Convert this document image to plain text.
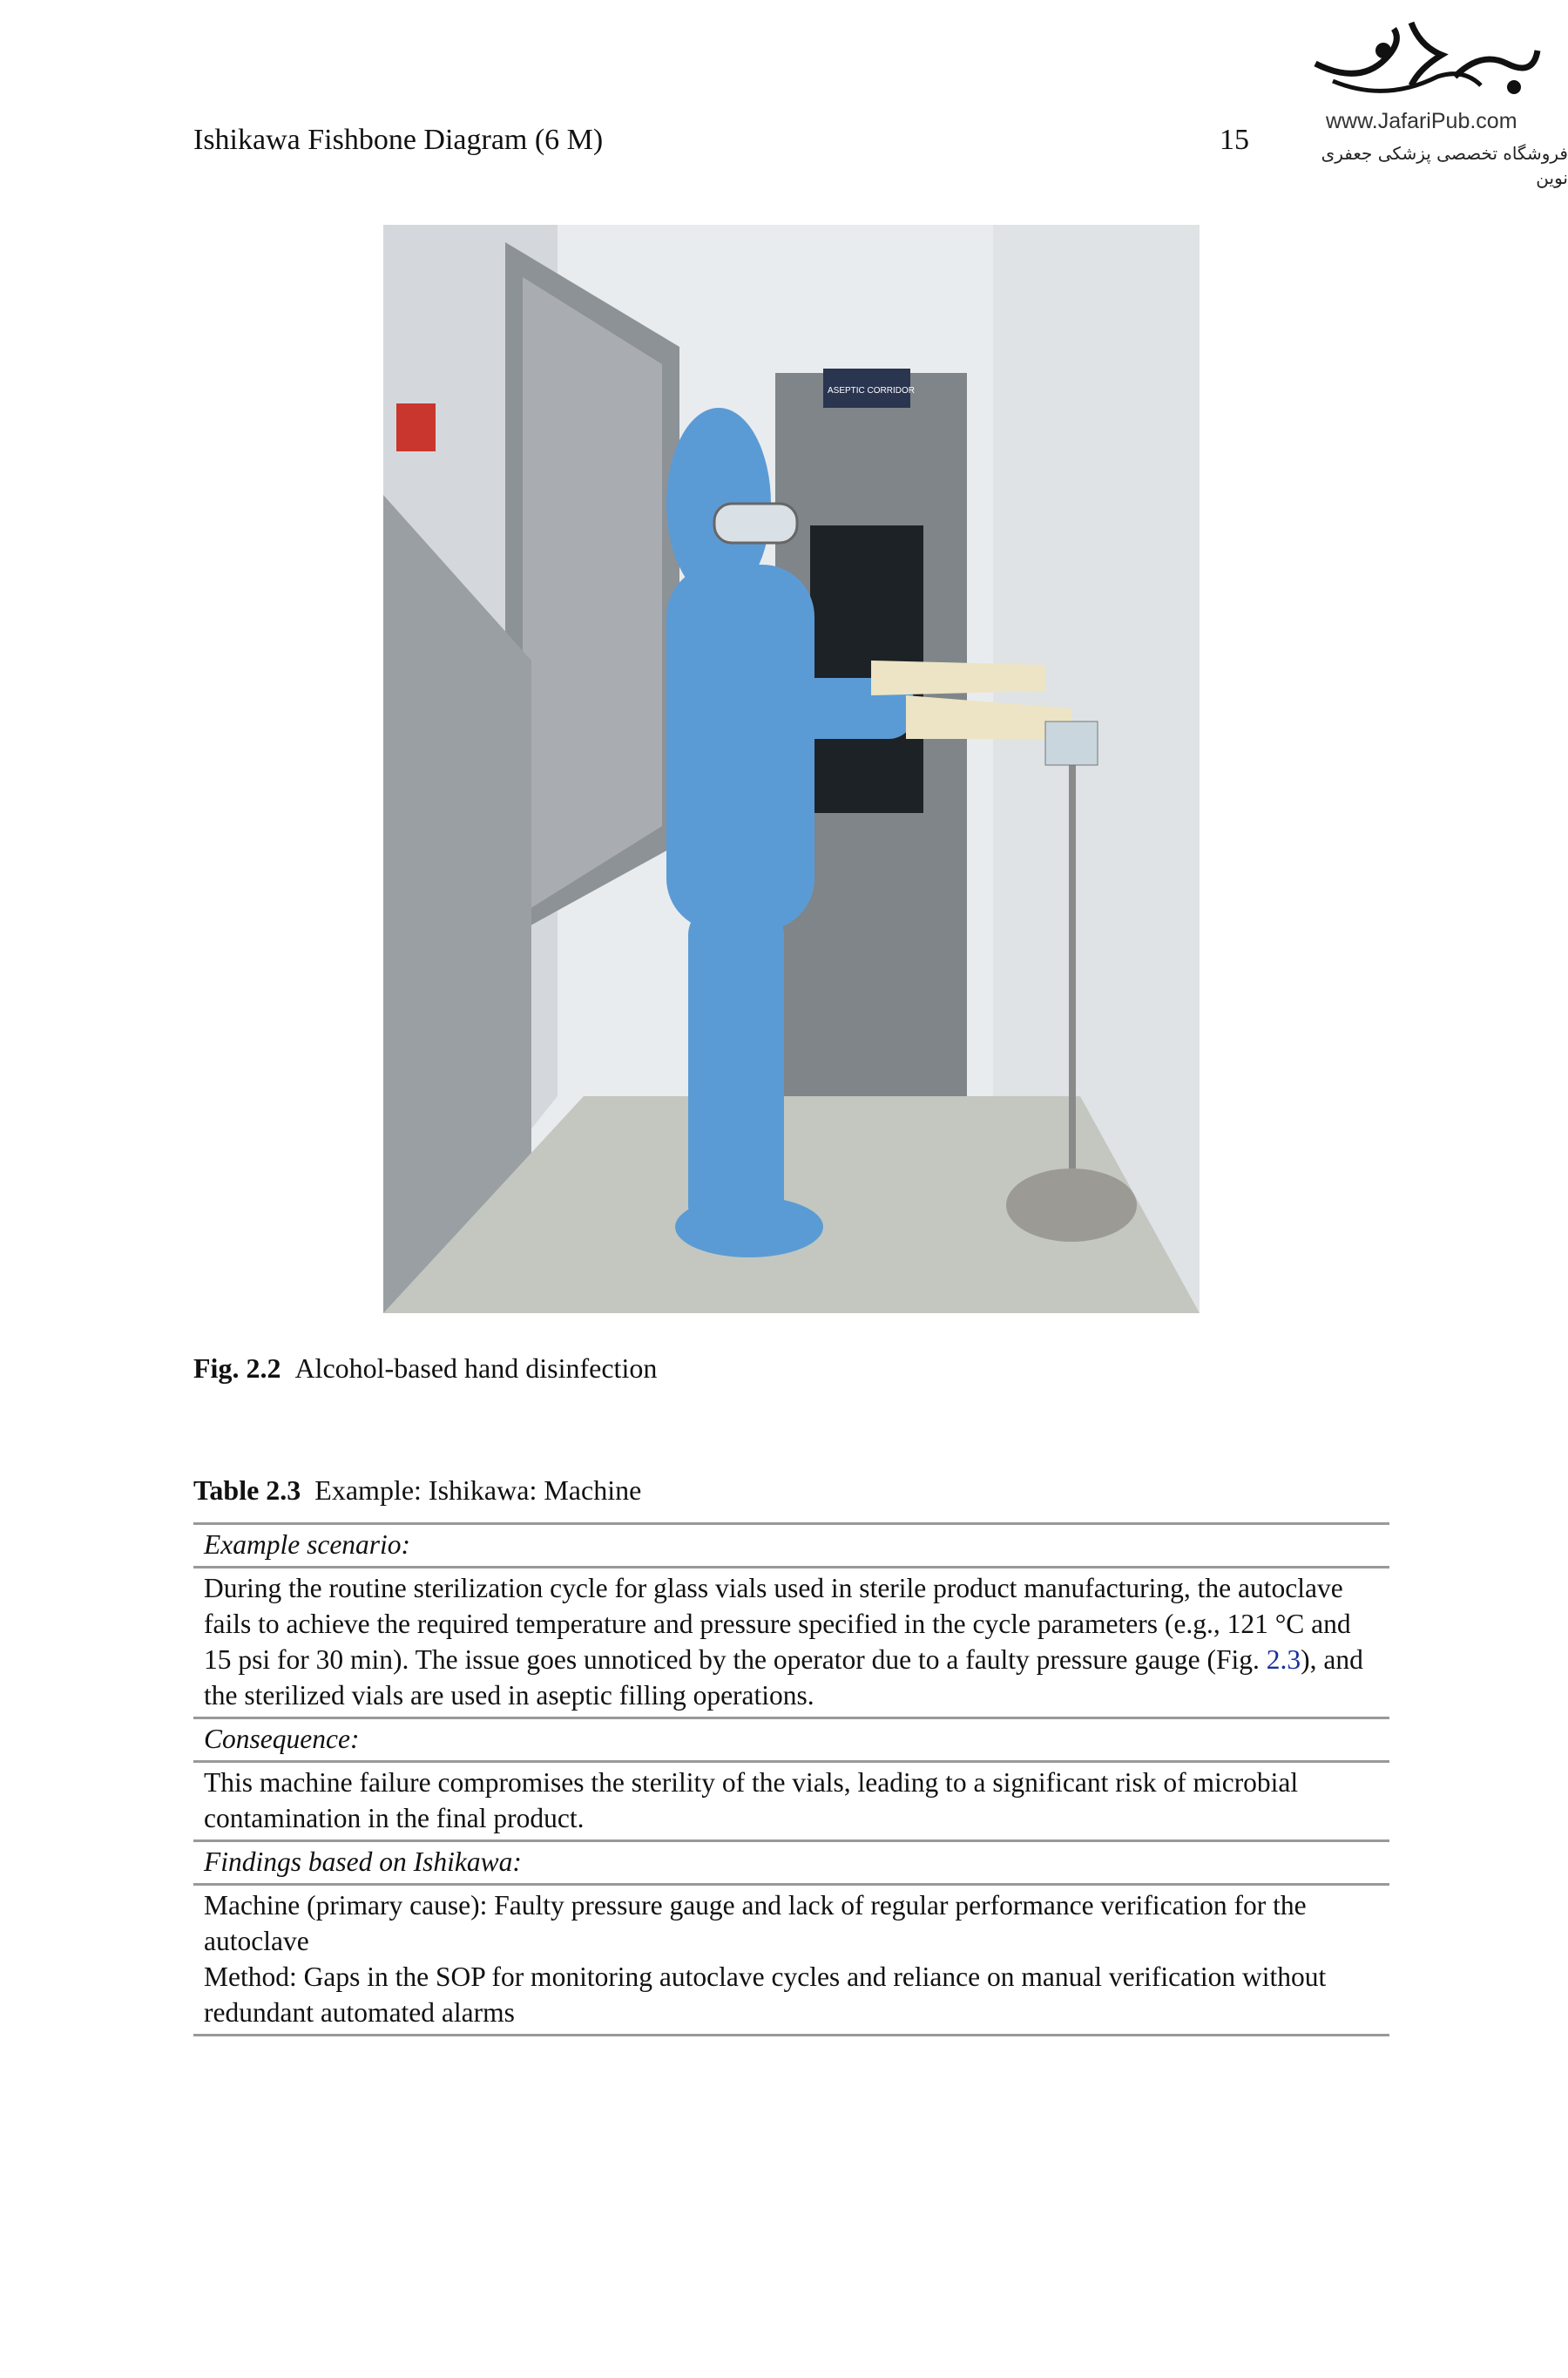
Ishikawa Fishbone Diagram (6 M)
www.JafariPub.com
15	فروشگاه تخصصی پزشکی جعفری نوین
ASEPTIC CORRIDOR
Fig. 2.2 Alcohol-based hand disinfection
Table 2.3 Example: Ishikawa: Machine
Example scenario:
During the routine sterilization cycle for glass vials used in sterile product manufacturing, the autoclave fails to achieve the required temperature and pressure specified in the cycle parameters (e.g., 121 °C and 15 psi for 30 min). The issue goes unnoticed by the operator due to a faulty pressure gauge (Fig. 2.3), and the sterilized vials are used in aseptic filling operations.
Consequence:
This machine failure compromises the sterility of the vials, leading to a significant risk of microbial contamination in the final product.
Findings based on Ishikawa:
Machine (primary cause): Faulty pressure gauge and lack of regular performance verification for the autoclave
Method: Gaps in the SOP for monitoring autoclave cycles and reliance on manual verification without redundant automated alarms
